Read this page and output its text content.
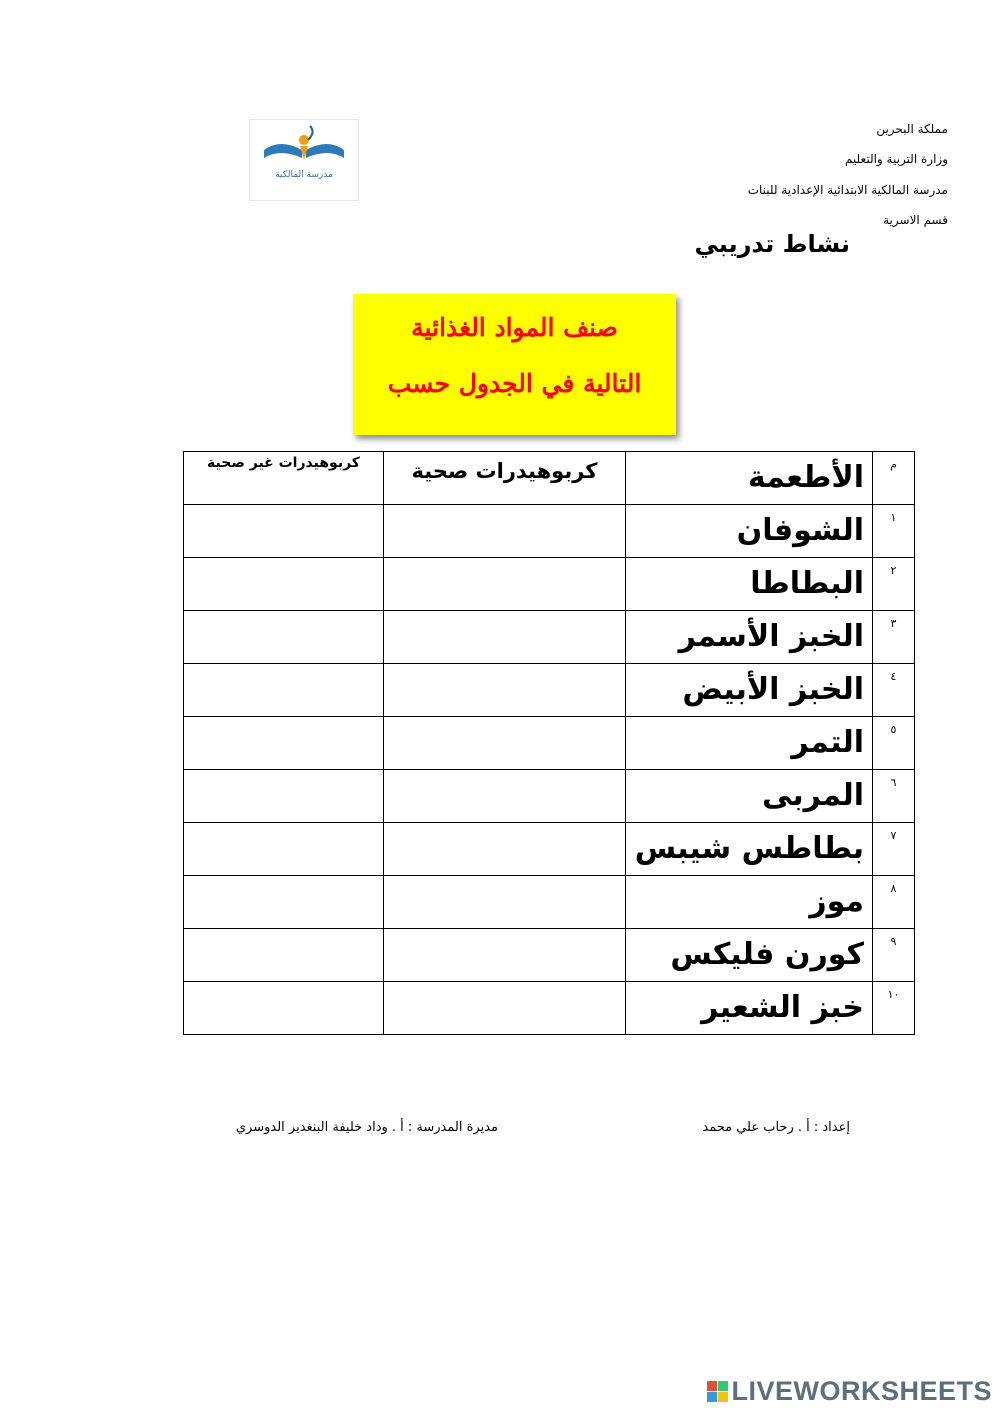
مملكة البحرين
وزارة التربية والتعليم
مدرسة المالكية الابتدائية الإعدادية للبنات
قسم الاسرية
مدرسة المالكية
نشاط تدريبي
صنف المواد الغذائية
التالية في الجدول حسب
م	الأطعمة	كربوهيدرات صحية	كربوهيدرات غير صحية
١	الشوفان		
٢	البطاطا		
٣	الخبز الأسمر		
٤	الخبز الأبيض		
٥	التمر		
٦	المربى		
٧	بطاطس شيبس		
٨	موز		
٩	كورن فليكس		
١٠	خبز الشعير		
إعداد : أ . رحاب علي محمد
مديرة المدرسة : أ . وداد خليفة البنغدير الدوسري
LIVEWORKSHEETS
